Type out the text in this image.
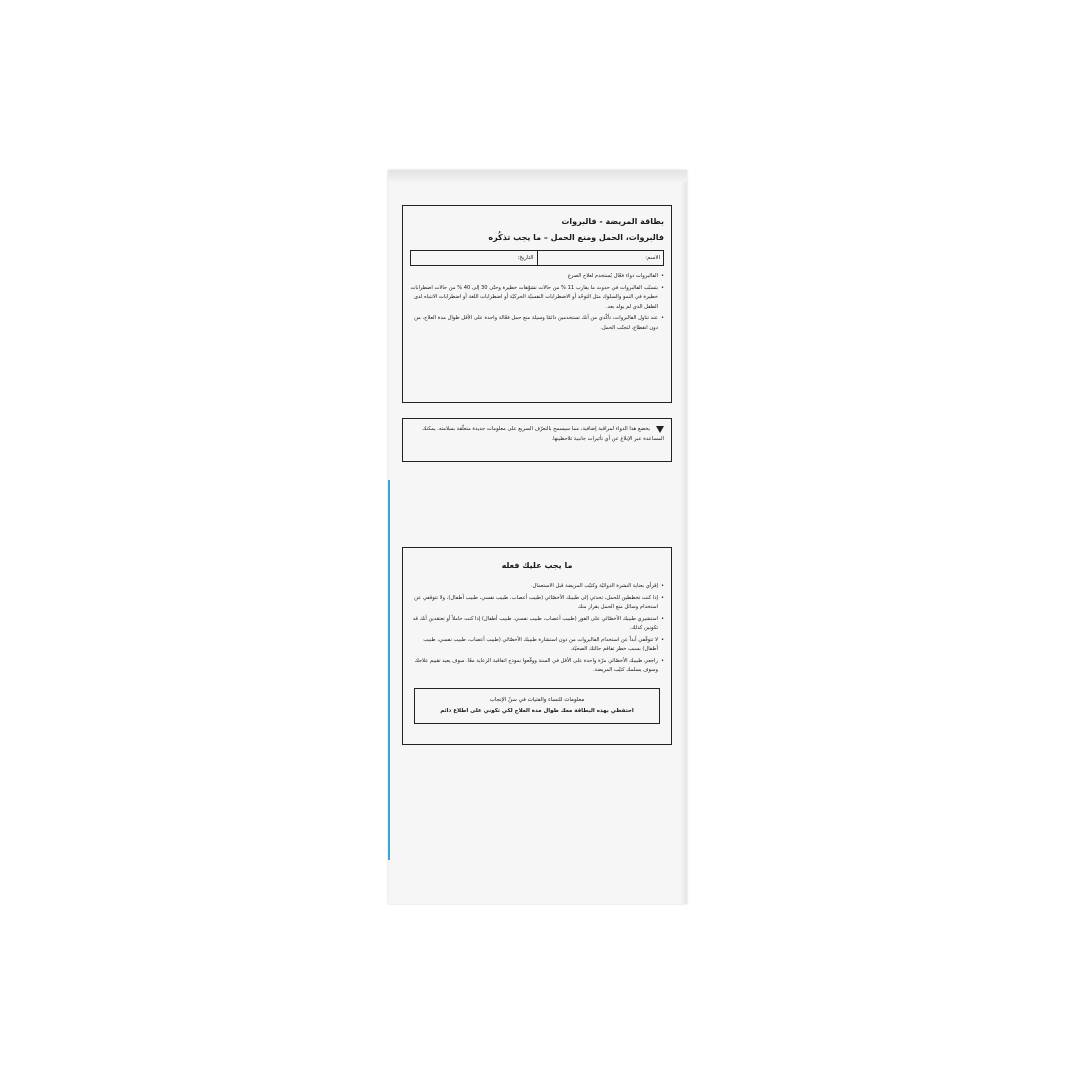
بطاقة المريضة - فالبروات
فالبروات، الحمل ومنع الحمل – ما يجب تذكُره
الاسم:
التاريخ:
• الفالبروات دواء فعّال يُستخدم لعلاج الصرع
• بتسبّب الفالبروات في حدوث ما يقارب 11 % من حالات تشوّهات خطيرة وحتّى 30 إلى 40 % من حالات اضطرابات خطيرة في النمو والسلوك مثل التوحّد أو الاضطرابات النفسيّة الحركيّة أو اضطرابات اللغة أو اضطرابات الانتباه لدى الطفل الذي لم يولد بعد.
• عند تناول الفالبروات، تأكّدي من أنك تستخدمين دائمًا وسيلة منع حمل فعّالة واحدة على الأقل طوال مدة العلاج، من دون انقطاع، لتجنّب الحمل.
يخضع هذا الدواء لمراقبة إضافية، مما سيسمح بالتعرّف السريع على معلومات جديدة متعلّقة بسلامته. يمكنك المساعدة عبر الإبلاغ عن أي تأثيرات جانبية تلاحظينها.
ما يجب عليك فعله
• إقرأي بعناية النشرة الدوائيّة وكتيّب المريضة قبل الاستعمال.
• إذا كنت تخططين للحمل، تحدثي إلى طبيبك الأخصّائي (طبيب أعصاب، طبيب نفسي، طبيب أطفال)، ولا تتوقفي عن استخدام وسائل منع الحمل بقرار منك
• استشيري طبيبك الأخصّائي على الفور (طبيب أعصاب، طبيب نفسي، طبيب أطفال) إذا كنت حاملاً أو تعتقدين أنك قد تكونين كذلك.
• لا تتوقّفي أبداً عن استخدام الفالبروات من دون استشارة طبيبك الأخصّائي (طبيب أعصاب، طبيب نفسي، طبيب أطفال) بسبب خطر تفاقم حالتك الصحيّة.
• راجعي طبيبك الأخصّائي مرّة واحدة على الأقل في السنة ووقّعوا نموذج اتفاقية الرعاية معًا. سوف يعيد تقييم علاجك وسوف يسلمك كتيّب المريضة.
معلومات للنساء والفتيات في سنّ الإنجاب
احتفظي بهذه البطاقة معك طوال مدة العلاج لكي تكوني على اطلاع دائم
